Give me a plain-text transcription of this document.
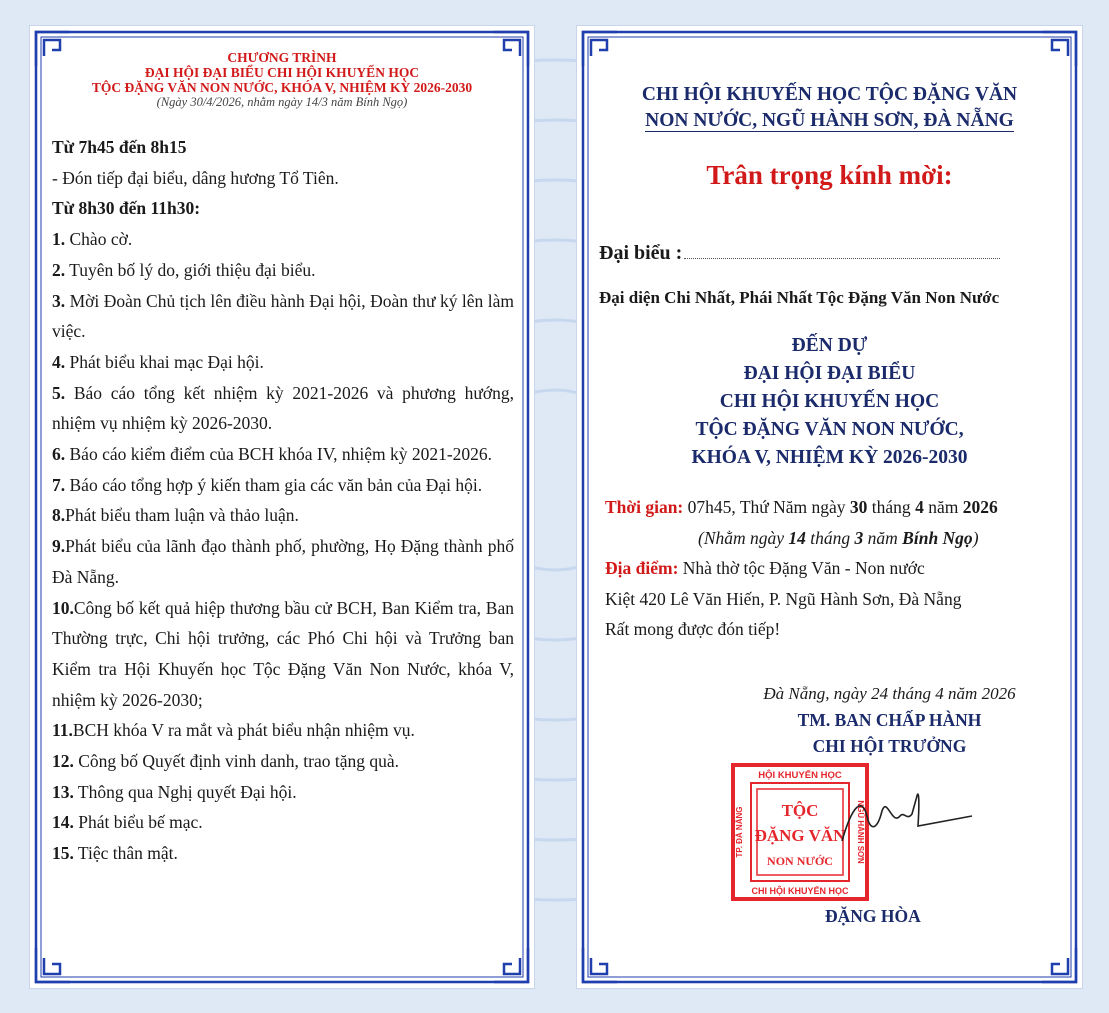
CHƯƠNG TRÌNH
ĐẠI HỘI ĐẠI BIỂU CHI HỘI KHUYẾN HỌC
TỘC ĐẶNG VĂN NON NƯỚC, KHÓA V, NHIỆM KỲ 2026-2030
(Ngày 30/4/2026, nhằm ngày 14/3 năm Bính Ngọ)
Từ 7h45 đến 8h15
- Đón tiếp đại biểu, dâng hương Tổ Tiên.
Từ 8h30 đến 11h30:
1. Chào cờ.
2. Tuyên bố lý do, giới thiệu đại biểu.
3. Mời Đoàn Chủ tịch lên điều hành Đại hội, Đoàn thư ký lên làm việc.
4. Phát biểu khai mạc Đại hội.
5. Báo cáo tổng kết nhiệm kỳ 2021-2026 và phương hướng, nhiệm vụ nhiệm kỳ 2026-2030.
6. Báo cáo kiểm điểm của BCH khóa IV, nhiệm kỳ 2021-2026.
7. Báo cáo tổng hợp ý kiến tham gia các văn bản của Đại hội.
8.Phát biểu tham luận và thảo luận.
9.Phát biểu của lãnh đạo thành phố, phường, Họ Đặng thành phố Đà Nẵng.
10.Công bố kết quả hiệp thương bầu cử BCH, Ban Kiểm tra, Ban Thường trực, Chi hội trưởng, các Phó Chi hội và Trưởng ban Kiểm tra Hội Khuyến học Tộc Đặng Văn Non Nước, khóa V, nhiệm kỳ 2026-2030;
11.BCH khóa V ra mắt và phát biểu nhận nhiệm vụ.
12. Công bố Quyết định vinh danh, trao tặng quà.
13. Thông qua Nghị quyết Đại hội.
14. Phát biểu bế mạc.
15. Tiệc thân mật.
CHI HỘI KHUYẾN HỌC TỘC ĐẶNG VĂN
NON NƯỚC, NGŨ HÀNH SƠN, ĐÀ NẴNG
Trân trọng kính mời:
Đại biểu :
Đại diện Chi Nhất, Phái Nhất Tộc Đặng Văn Non Nước
ĐẾN DỰ
ĐẠI HỘI ĐẠI BIỂU
CHI HỘI KHUYẾN HỌC
TỘC ĐẶNG VĂN NON NƯỚC,
KHÓA V, NHIỆM KỲ 2026-2030
Thời gian: 07h45, Thứ Năm ngày 30 tháng 4 năm 2026
(Nhằm ngày 14 tháng 3 năm Bính Ngọ)
Địa điểm: Nhà thờ tộc Đặng Văn - Non nước
Kiệt 420 Lê Văn Hiến, P. Ngũ Hành Sơn, Đà Nẵng
Rất mong được đón tiếp!
Đà Nẵng, ngày 24 tháng 4 năm 2026
TM. BAN CHẤP HÀNH
CHI HỘI TRƯỞNG
HỘI KHUYẾN HỌC
CHI HỘI KHUYẾN HỌC
TP. ĐÀ NẴNG	NGŨ HÀNH SƠN
TỘC
ĐẶNG VĂN
NON NƯỚC
ĐẶNG HÒA
